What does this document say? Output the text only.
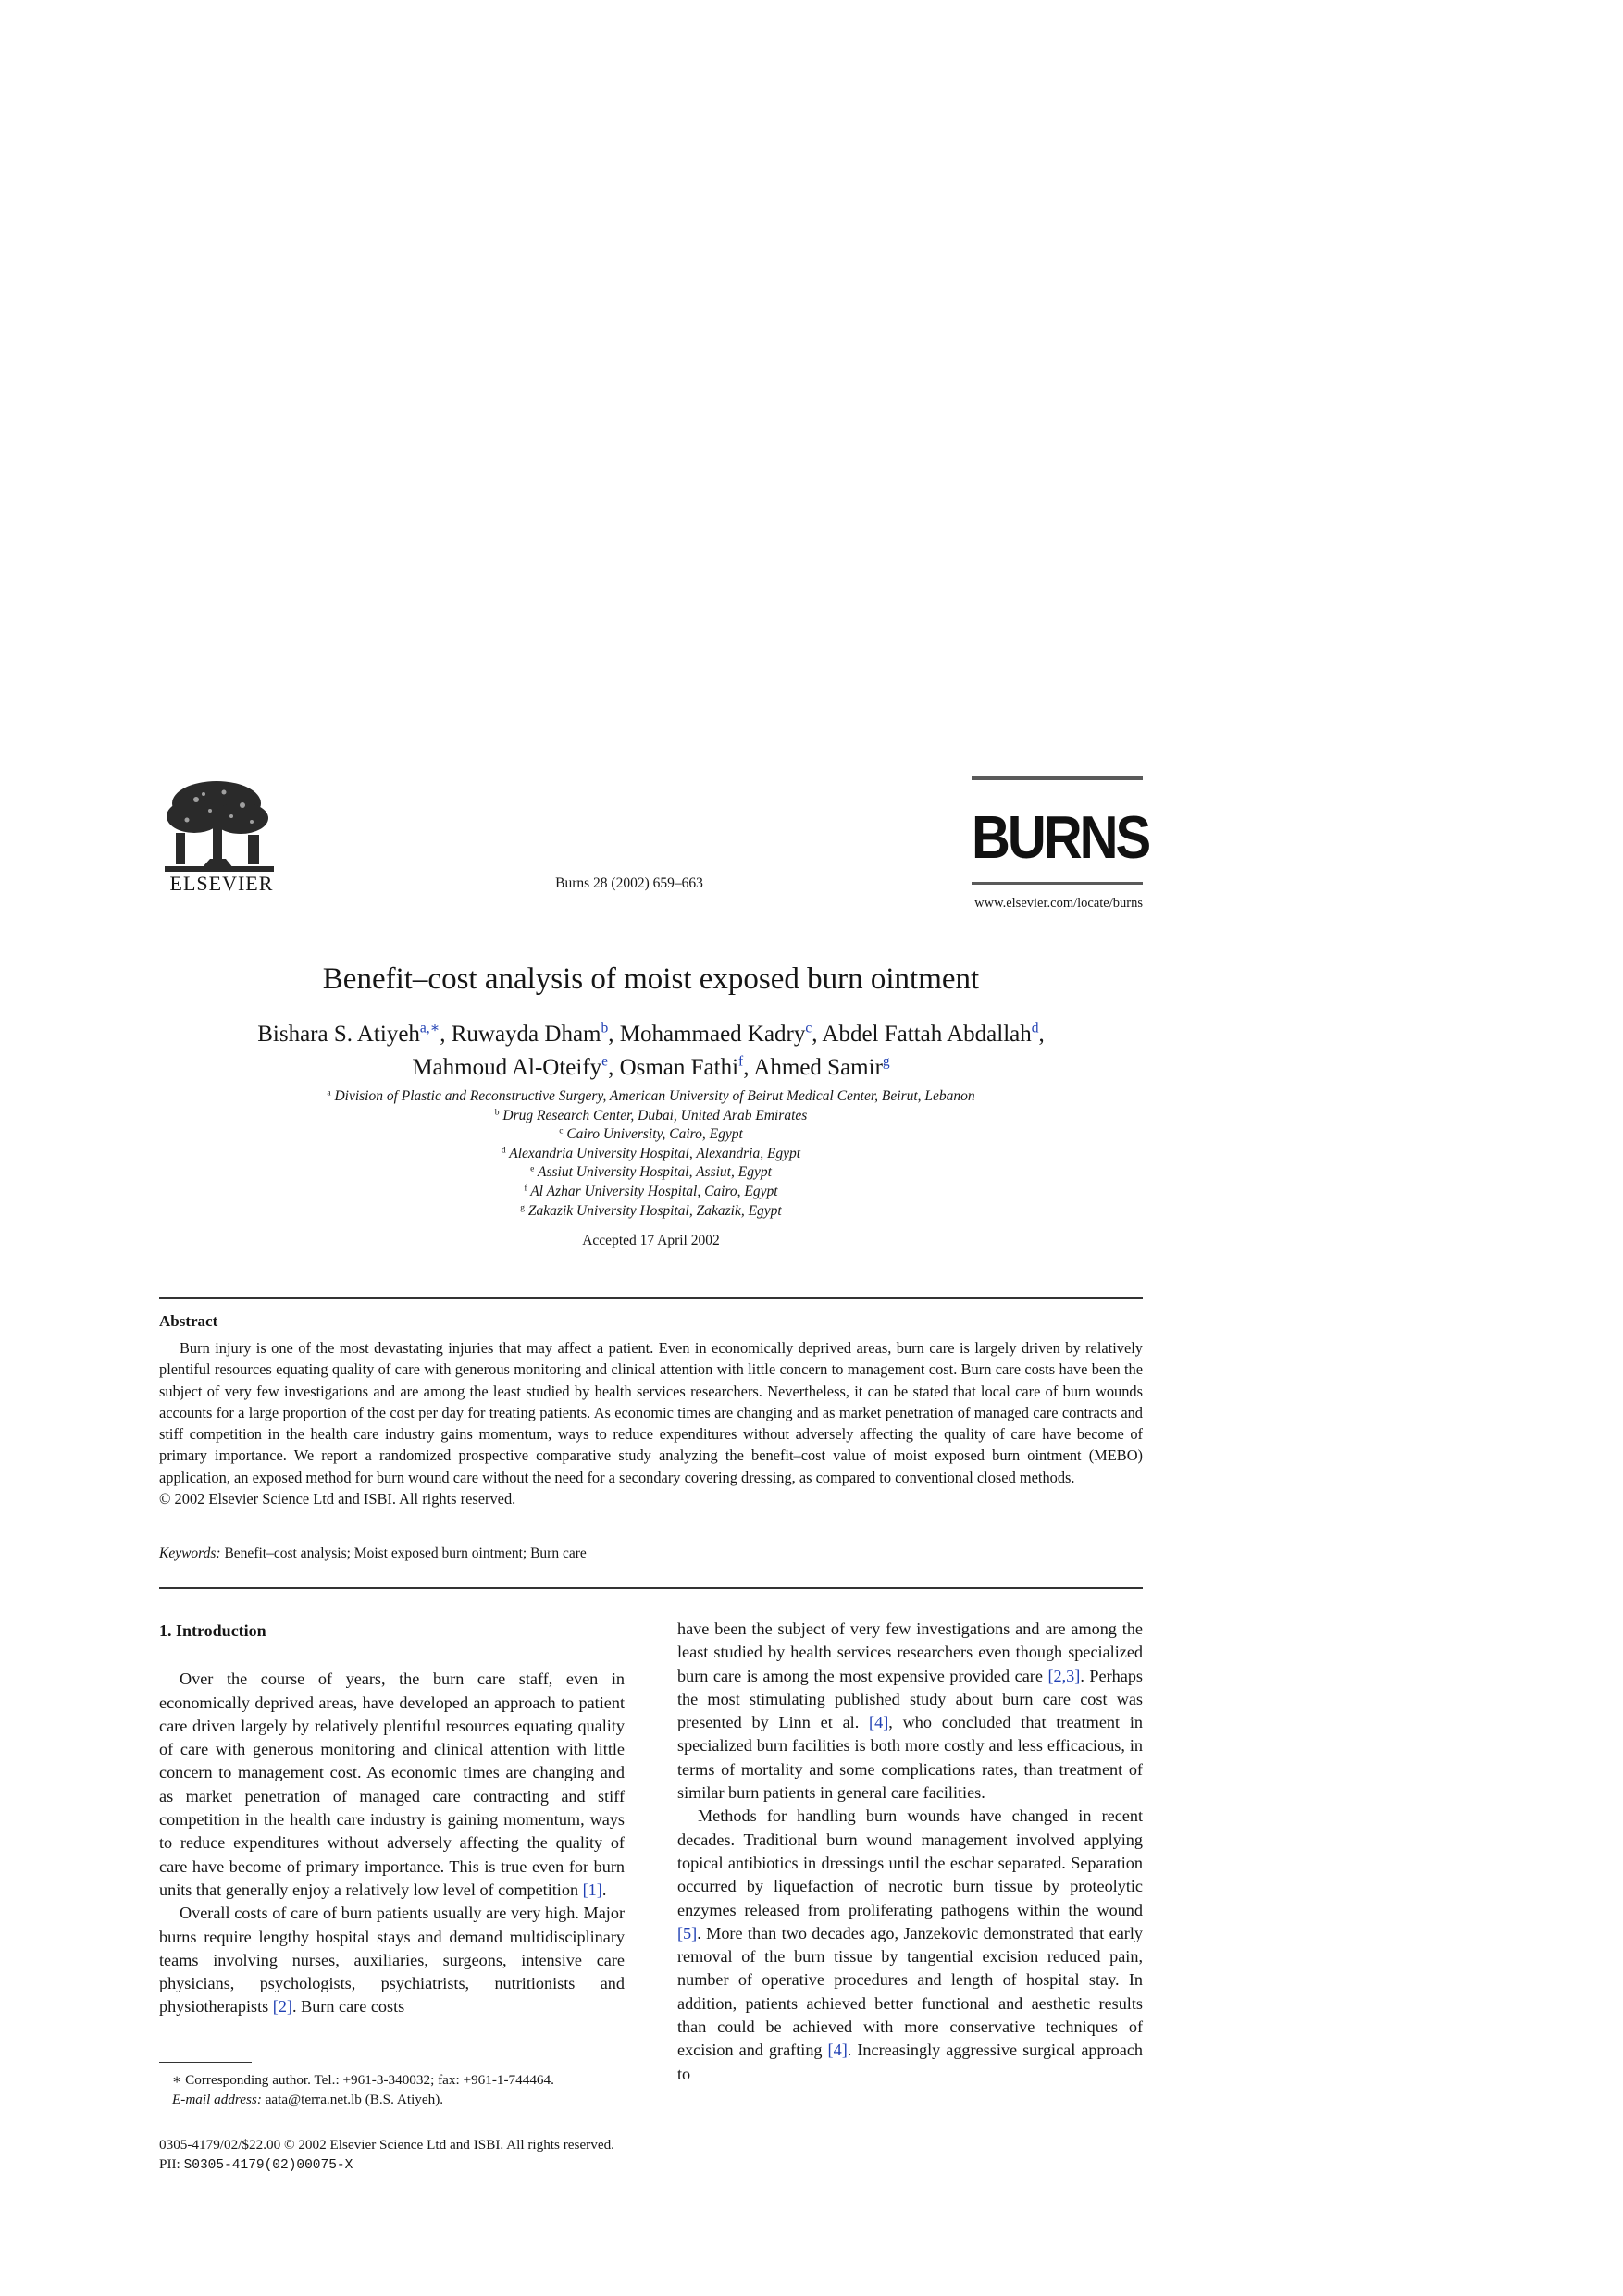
ELSEVIER	Burns 28 (2002) 659–663
BURNS
www.elsevier.com/locate/burns
Benefit–cost analysis of moist exposed burn ointment
Bishara S. Atiyeh$^{a,∗}$, Ruwayda Dham$^b$, Mohammaed Kadry$^c$, Abdel Fattah Abdallah$^d$,
Mahmoud Al-Oteify$^e$, Osman Fathi$^f$, Ahmed Samir$^g$
$^a$ Division of Plastic and Reconstructive Surgery, American University of Beirut Medical Center, Beirut, Lebanon
$^b$ Drug Research Center, Dubai, United Arab Emirates
$^c$ Cairo University, Cairo, Egypt
$^d$ Alexandria University Hospital, Alexandria, Egypt
$^e$ Assiut University Hospital, Assiut, Egypt
$^f$ Al Azhar University Hospital, Cairo, Egypt
$^g$ Zakazik University Hospital, Zakazik, Egypt
Accepted 17 April 2002
Abstract
Burn injury is one of the most devastating injuries that may affect a patient. Even in economically deprived areas, burn care is largely driven by relatively plentiful resources equating quality of care with generous monitoring and clinical attention with little concern to management cost. Burn care costs have been the subject of very few investigations and are among the least studied by health services researchers. Nevertheless, it can be stated that local care of burn wounds accounts for a large proportion of the cost per day for treating patients. As economic times are changing and as market penetration of managed care contracts and stiff competition in the health care industry gains momentum, ways to reduce expenditures without adversely affecting the quality of care have become of primary importance. We report a randomized prospective comparative study analyzing the benefit–cost value of moist exposed burn ointment (MEBO) application, an exposed method for burn wound care without the need for a secondary covering dressing, as compared to conventional closed methods.
© 2002 Elsevier Science Ltd and ISBI. All rights reserved.
Keywords: Benefit–cost analysis; Moist exposed burn ointment; Burn care
1. Introduction

Over the course of years, the burn care staff, even in economically deprived areas, have developed an approach to patient care driven largely by relatively plentiful resources equating quality of care with generous monitoring and clinical attention with little concern to management cost. As economic times are changing and as market penetration of managed care contracting and stiff competition in the health care industry is gaining momentum, ways to reduce expenditures without adversely affecting the quality of care have become of primary importance. This is true even for burn units that generally enjoy a relatively low level of competition [1].

Overall costs of care of burn patients usually are very high. Major burns require lengthy hospital stays and demand multidisciplinary teams involving nurses, auxiliaries, surgeons, intensive care physicians, psychologists, psychiatrists, nutritionists and physiotherapists [2]. Burn care costs

have been the subject of very few investigations and are among the least studied by health services researchers even though specialized burn care is among the most expensive provided care [2,3]. Perhaps the most stimulating published study about burn care cost was presented by Linn et al. [4], who concluded that treatment in specialized burn facilities is both more costly and less efficacious, in terms of mortality and some complications rates, than treatment of similar burn patients in general care facilities.

Methods for handling burn wounds have changed in recent decades. Traditional burn wound management involved applying topical antibiotics in dressings until the eschar separated. Separation occurred by liquefaction of necrotic burn tissue by proteolytic enzymes released from proliferating pathogens within the wound [5]. More than two decades ago, Janzekovic demonstrated that early removal of the burn tissue by tangential excision reduced pain, number of operative procedures and length of hospital stay. In addition, patients achieved better functional and aesthetic results than could be achieved with more conservative techniques of excision and grafting [4]. Increasingly aggressive surgical approach to

∗ Corresponding author. Tel.: +961-3-340032; fax: +961-1-744464.
E-mail address: aata@terra.net.lb (B.S. Atiyeh).
0305-4179/02/$22.00 © 2002 Elsevier Science Ltd and ISBI. All rights reserved.
PII: S0305-4179(02)00075-X
